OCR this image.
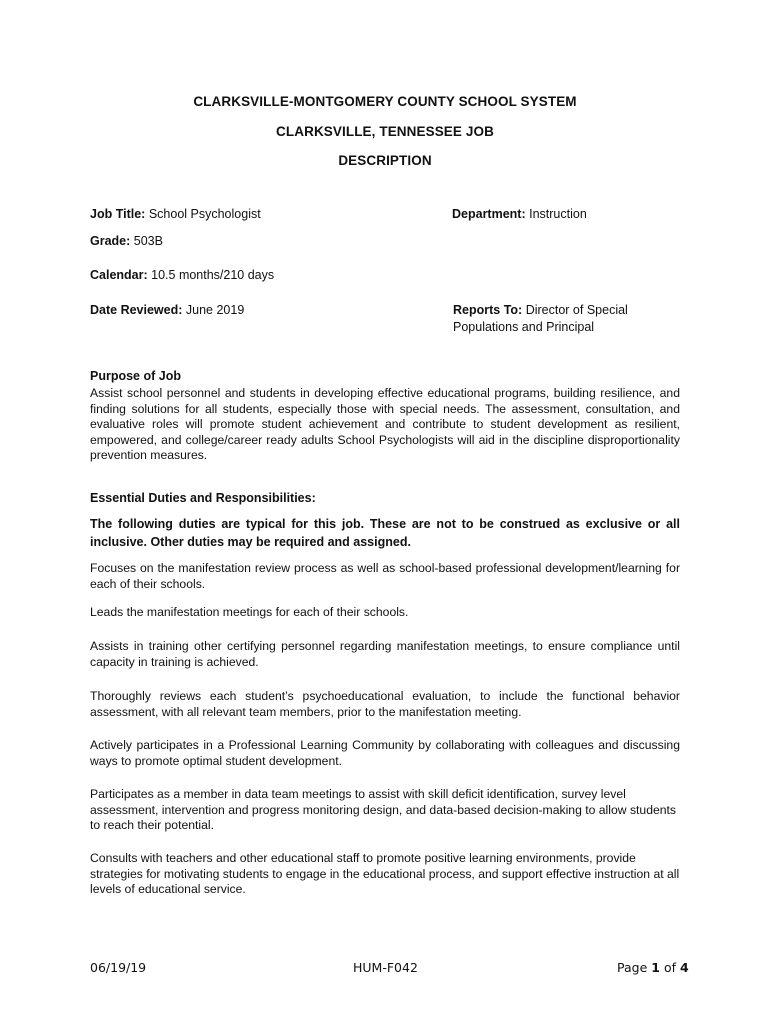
CLARKSVILLE-MONTGOMERY COUNTY SCHOOL SYSTEM
CLARKSVILLE, TENNESSEE JOB
DESCRIPTION
Job Title: School Psychologist	Department: Instruction
Grade: 503B
Calendar: 10.5 months/210 days
Date Reviewed: June 2019	Reports To: Director of Special
Populations and Principal
Purpose of Job

Assist school personnel and students in developing effective educational programs, building resilience, and finding solutions for all students, especially those with special needs. The assessment, consultation, and evaluative roles will promote student achievement and contribute to student development as resilient, empowered, and college/career ready adults School Psychologists will aid in the discipline disproportionality prevention measures.

Essential Duties and Responsibilities:

The following duties are typical for this job. These are not to be construed as exclusive or all inclusive. Other duties may be required and assigned.

Focuses on the manifestation review process as well as school-based professional development/learning for each of their schools.

Leads the manifestation meetings for each of their schools.

Assists in training other certifying personnel regarding manifestation meetings, to ensure compliance until capacity in training is achieved.

Thoroughly reviews each student’s psychoeducational evaluation, to include the functional behavior assessment, with all relevant team members, prior to the manifestation meeting.

Actively participates in a Professional Learning Community by collaborating with colleagues and discussing ways to promote optimal student development.

Participates as a member in data team meetings to assist with skill deficit identification, survey level assessment, intervention and progress monitoring design, and data-based decision-making to allow students to reach their potential.

Consults with teachers and other educational staff to promote positive learning environments, provide strategies for motivating students to engage in the educational process, and support effective instruction at all levels of educational service.

06/19/19	HUM-F042	Page 1 of 4
